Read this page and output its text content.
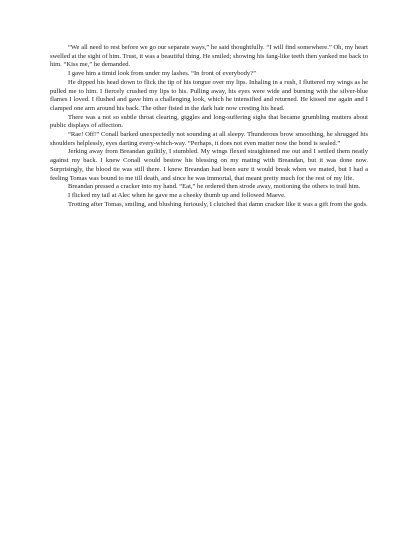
“We all need to rest before we go our separate ways,” he said thoughtfully. “I will find somewhere.” Oh, my heart swelled at the sight of him. Trust, it was a beautiful thing. He smiled; showing his fang-like teeth then yanked me back to him. “Kiss me,” he demanded.

I gave him a timid look from under my lashes. “In front of everybody?”

He dipped his head down to flick the tip of his tongue over my lips. Inhaling in a rush, I fluttered my wings as he pulled me to him. I fiercely crushed my lips to his. Pulling away, his eyes were wide and burning with the silver-blue flames I loved. I flushed and gave him a challenging look, which he intensified and returned. He kissed me again and I clamped one arm around his back. The other fisted in the dark hair now cresting his head.

There was a not so subtle throat clearing, giggles and long-suffering sighs that became grumbling mutters about public displays of affection.

“Rae! Off!” Conall barked unexpectedly not sounding at all sleepy. Thunderous brow smoothing, he shrugged his shoulders helplessly, eyes darting every-which-way. “Perhaps, it does not even matter now the bond is sealed.”

Jerking away from Breandan guiltily, I stumbled. My wings flexed straightened me out and I settled them neatly against my back. I knew Conall would bestow his blessing on my mating with Breandan, but it was done now. Surprisingly, the blood tie was still there. I knew Breandan had been sure it would break when we mated, but I had a feeling Tomas was bound to me till death, and since he was immortal, that meant pretty much for the rest of my life.

Breandan pressed a cracker into my hand. “Eat,” he ordered then strode away, motioning the others to trail him.

I flicked my tail at Alec when he gave me a cheeky thumb up and followed Maeve.

Trotting after Tomas, smiling, and blushing furiously, I clutched that damn cracker like it was a gift from the gods.
